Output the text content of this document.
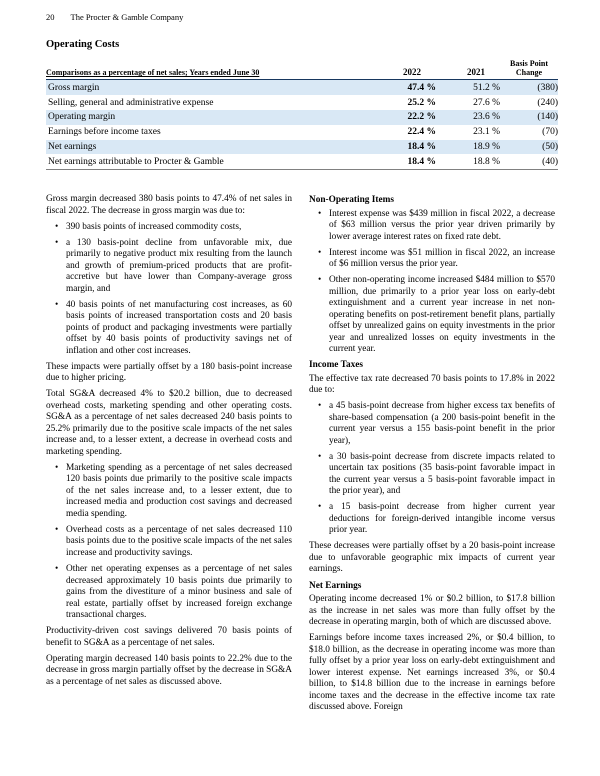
20 The Procter & Gamble Company
Operating Costs
Comparisons as a percentage of net sales; Years ended June 30	2022	2021	Basis Point Change
Gross margin	47.4 %	51.2 %	(380)
Selling, general and administrative expense	25.2 %	27.6 %	(240)
Operating margin	22.2 %	23.6 %	(140)
Earnings before income taxes	22.4 %	23.1 %	(70)
Net earnings	18.4 %	18.9 %	(50)
Net earnings attributable to Procter & Gamble	18.4 %	18.8 %	(40)
Gross margin decreased 380 basis points to 47.4% of net sales in fiscal 2022. The decrease in gross margin was due to:
• 390 basis points of increased commodity costs,
• a 130 basis-point decline from unfavorable mix, due primarily to negative product mix resulting from the launch and growth of premium-priced products that are profit-accretive but have lower than Company-average gross margin, and
• 40 basis points of net manufacturing cost increases, as 60 basis points of increased transportation costs and 20 basis points of product and packaging investments were partially offset by 40 basis points of productivity savings net of inflation and other cost increases.
These impacts were partially offset by a 180 basis-point increase due to higher pricing.
Total SG&A decreased 4% to $20.2 billion, due to decreased overhead costs, marketing spending and other operating costs. SG&A as a percentage of net sales decreased 240 basis points to 25.2% primarily due to the positive scale impacts of the net sales increase and, to a lesser extent, a decrease in overhead costs and marketing spending.
• Marketing spending as a percentage of net sales decreased 120 basis points due primarily to the positive scale impacts of the net sales increase and, to a lesser extent, due to increased media and production cost savings and decreased media spending.
• Overhead costs as a percentage of net sales decreased 110 basis points due to the positive scale impacts of the net sales increase and productivity savings.
• Other net operating expenses as a percentage of net sales decreased approximately 10 basis points due primarily to gains from the divestiture of a minor business and sale of real estate, partially offset by increased foreign exchange transactional charges.
Productivity-driven cost savings delivered 70 basis points of benefit to SG&A as a percentage of net sales.
Operating margin decreased 140 basis points to 22.2% due to the decrease in gross margin partially offset by the decrease in SG&A as a percentage of net sales as discussed above.
Non-Operating Items
• Interest expense was $439 million in fiscal 2022, a decrease of $63 million versus the prior year driven primarily by lower average interest rates on fixed rate debt.
• Interest income was $51 million in fiscal 2022, an increase of $6 million versus the prior year.
• Other non-operating income increased $484 million to $570 million, due primarily to a prior year loss on early-debt extinguishment and a current year increase in net non-operating benefits on post-retirement benefit plans, partially offset by unrealized gains on equity investments in the prior year and unrealized losses on equity investments in the current year.
Income Taxes
The effective tax rate decreased 70 basis points to 17.8% in 2022 due to:
• a 45 basis-point decrease from higher excess tax benefits of share-based compensation (a 200 basis-point benefit in the current year versus a 155 basis-point benefit in the prior year),
• a 30 basis-point decrease from discrete impacts related to uncertain tax positions (35 basis-point favorable impact in the current year versus a 5 basis-point favorable impact in the prior year), and
• a 15 basis-point decrease from higher current year deductions for foreign-derived intangible income versus prior year.
These decreases were partially offset by a 20 basis-point increase due to unfavorable geographic mix impacts of current year earnings.
Net Earnings
Operating income decreased 1% or $0.2 billion, to $17.8 billion as the increase in net sales was more than fully offset by the decrease in operating margin, both of which are discussed above.
Earnings before income taxes increased 2%, or $0.4 billion, to $18.0 billion, as the decrease in operating income was more than fully offset by a prior year loss on early-debt extinguishment and lower interest expense. Net earnings increased 3%, or $0.4 billion, to $14.8 billion due to the increase in earnings before income taxes and the decrease in the effective income tax rate discussed above. Foreign
